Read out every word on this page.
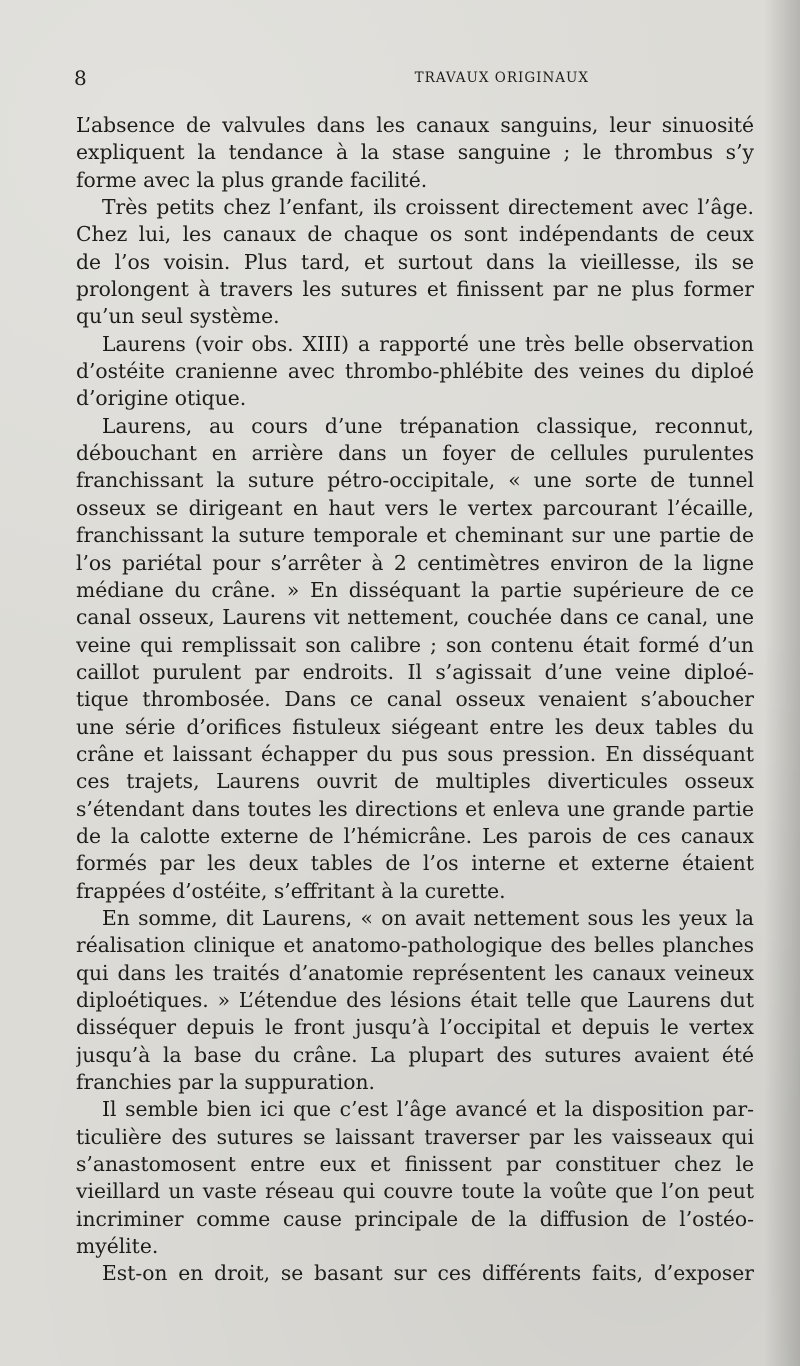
8	TRAVAUX ORIGINAUX
L’absence de valvules dans les canaux sanguins, leur sinuosité
expliquent la tendance à la stase sanguine ; le thrombus s’y
forme avec la plus grande facilité.
Très petits chez l’enfant, ils croissent directement avec l’âge.
Chez lui, les canaux de chaque os sont indépendants de ceux
de l’os voisin. Plus tard, et surtout dans la vieillesse, ils se
prolongent à travers les sutures et finissent par ne plus former
qu’un seul système.
Laurens (voir obs. XIII) a rapporté une très belle observation
d’ostéite cranienne avec thrombo-phlébite des veines du diploé
d’origine otique.
Laurens, au cours d’une trépanation classique, reconnut,
débouchant en arrière dans un foyer de cellules purulentes
franchissant la suture pétro-occipitale, « une sorte de tunnel
osseux se dirigeant en haut vers le vertex parcourant l’écaille,
franchissant la suture temporale et cheminant sur une partie de
l’os pariétal pour s’arrêter à 2 centimètres environ de la ligne
médiane du crâne. » En disséquant la partie supérieure de ce
canal osseux, Laurens vit nettement, couchée dans ce canal, une
veine qui remplissait son calibre ; son contenu était formé d’un
caillot purulent par endroits. Il s’agissait d’une veine diploé-
tique thrombosée. Dans ce canal osseux venaient s’aboucher
une série d’orifices fistuleux siégeant entre les deux tables du
crâne et laissant échapper du pus sous pression. En disséquant
ces trajets, Laurens ouvrit de multiples diverticules osseux
s’étendant dans toutes les directions et enleva une grande partie
de la calotte externe de l’hémicrâne. Les parois de ces canaux
formés par les deux tables de l’os interne et externe étaient
frappées d’ostéite, s’effritant à la curette.
En somme, dit Laurens, « on avait nettement sous les yeux la
réalisation clinique et anatomo-pathologique des belles planches
qui dans les traités d’anatomie représentent les canaux veineux
diploétiques. » L’étendue des lésions était telle que Laurens dut
disséquer depuis le front jusqu’à l’occipital et depuis le vertex
jusqu’à la base du crâne. La plupart des sutures avaient été
franchies par la suppuration.
Il semble bien ici que c’est l’âge avancé et la disposition par-
ticulière des sutures se laissant traverser par les vaisseaux qui
s’anastomosent entre eux et finissent par constituer chez le
vieillard un vaste réseau qui couvre toute la voûte que l’on peut
incriminer comme cause principale de la diffusion de l’ostéo-
myélite.
Est-on en droit, se basant sur ces différents faits, d’exposer
